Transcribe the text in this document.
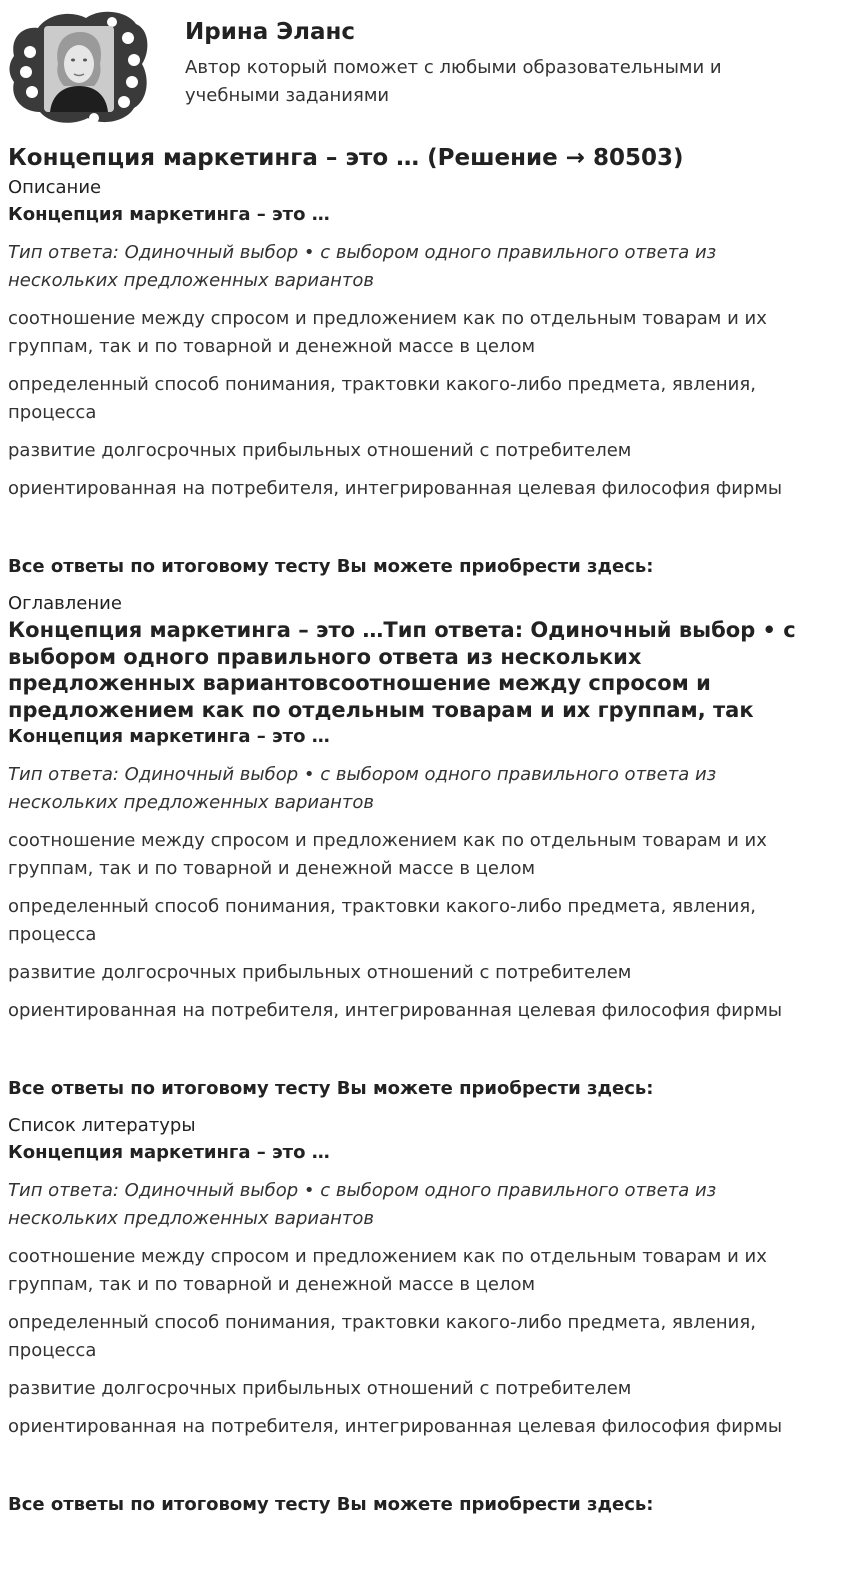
Ирина Эланс
Автор который поможет с любыми образовательными и
учебными заданиями
Концепция маркетинга – это … (Решение → 80503)
Описание
Концепция маркетинга – это …
Тип ответа: Одиночный выбор • с выбором одного правильного ответа из
нескольких предложенных вариантов
соотношение между спросом и предложением как по отдельным товарам и их
группам, так и по товарной и денежной массе в целом
определенный способ понимания, трактовки какого-либо предмета, явления,
процесса
развитие долгосрочных прибыльных отношений с потребителем
ориентированная на потребителя, интегрированная целевая философия фирмы
Все ответы по итоговому тесту Вы можете приобрести здесь:
Оглавление
Концепция маркетинга – это …Тип ответа: Одиночный выбор • с
выбором одного правильного ответа из нескольких
предложенных вариантовсоотношение между спросом и
предложением как по отдельным товарам и их группам, так
Концепция маркетинга – это …
Тип ответа: Одиночный выбор • с выбором одного правильного ответа из
нескольких предложенных вариантов
соотношение между спросом и предложением как по отдельным товарам и их
группам, так и по товарной и денежной массе в целом
определенный способ понимания, трактовки какого-либо предмета, явления,
процесса
развитие долгосрочных прибыльных отношений с потребителем
ориентированная на потребителя, интегрированная целевая философия фирмы
Все ответы по итоговому тесту Вы можете приобрести здесь:
Список литературы
Концепция маркетинга – это …
Тип ответа: Одиночный выбор • с выбором одного правильного ответа из
нескольких предложенных вариантов
соотношение между спросом и предложением как по отдельным товарам и их
группам, так и по товарной и денежной массе в целом
определенный способ понимания, трактовки какого-либо предмета, явления,
процесса
развитие долгосрочных прибыльных отношений с потребителем
ориентированная на потребителя, интегрированная целевая философия фирмы
Все ответы по итоговому тесту Вы можете приобрести здесь:
